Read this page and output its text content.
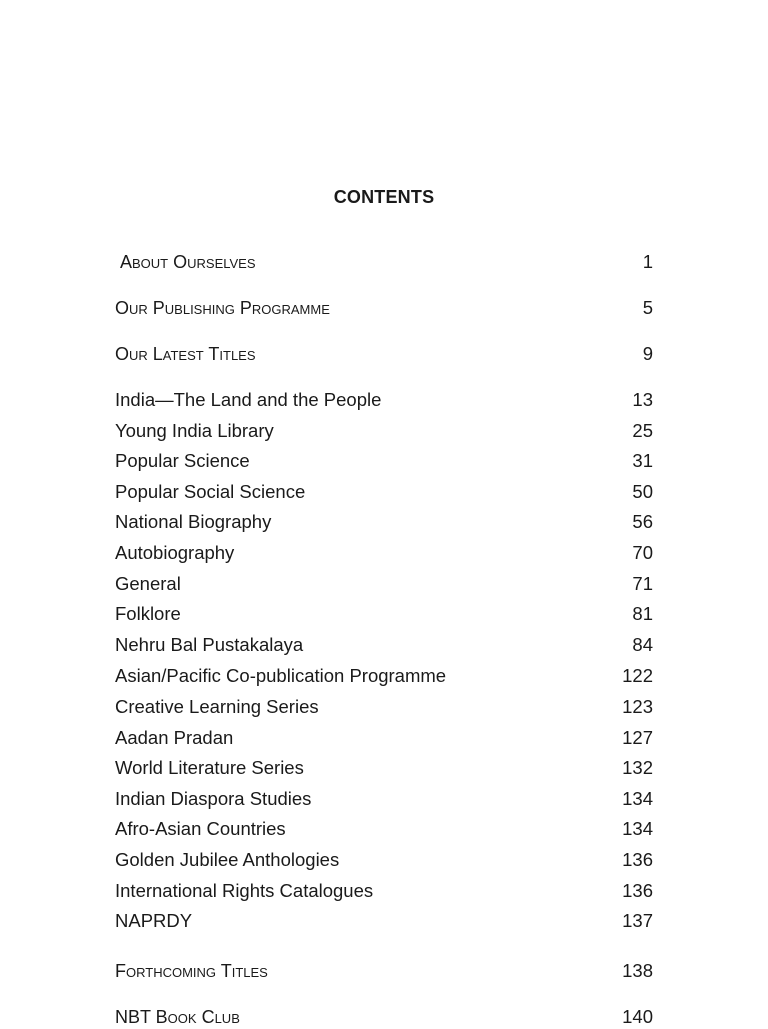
CONTENTS
About Ourselves	1
Our Publishing Programme	5
Our Latest Titles	9
India—The Land and the People	13
Young India Library	25
Popular Science	31
Popular Social Science	50
National Biography	56
Autobiography	70
General	71
Folklore	81
Nehru Bal Pustakalaya	84
Asian/Pacific Co-publication Programme	122
Creative Learning Series	123
Aadan Pradan	127
World Literature Series	132
Indian Diaspora Studies	134
Afro-Asian Countries	134
Golden Jubilee Anthologies	136
International Rights Catalogues	136
NAPRDY	137
Forthcoming Titles	138
NBT Book Club	140
